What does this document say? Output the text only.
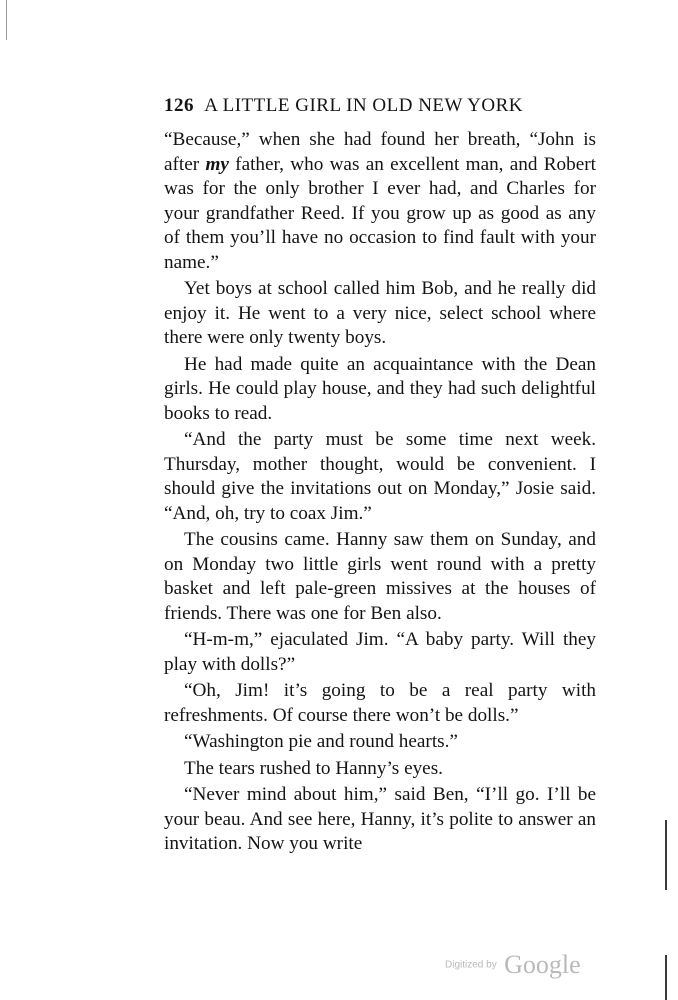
126 A LITTLE GIRL IN OLD NEW YORK

“Because,” when she had found her breath, “John is after my father, who was an excellent man, and Robert was for the only brother I ever had, and Charles for your grandfather Reed. If you grow up as good as any of them you’ll have no occasion to find fault with your name.”

Yet boys at school called him Bob, and he really did enjoy it. He went to a very nice, select school where there were only twenty boys.

He had made quite an acquaintance with the Dean girls. He could play house, and they had such delightful books to read.

“And the party must be some time next week. Thursday, mother thought, would be convenient. I should give the invitations out on Monday,” Josie said. “And, oh, try to coax Jim.”

The cousins came. Hanny saw them on Sunday, and on Monday two little girls went round with a pretty basket and left pale-green missives at the houses of friends. There was one for Ben also.

“H-m-m,” ejaculated Jim. “A baby party. Will they play with dolls?”

“Oh, Jim! it’s going to be a real party with refreshments. Of course there won’t be dolls.”

“Washington pie and round hearts.”

The tears rushed to Hanny’s eyes.

“Never mind about him,” said Ben, “I’ll go. I’ll be your beau. And see here, Hanny, it’s polite to answer an invitation. Now you write

Digitized by Google
